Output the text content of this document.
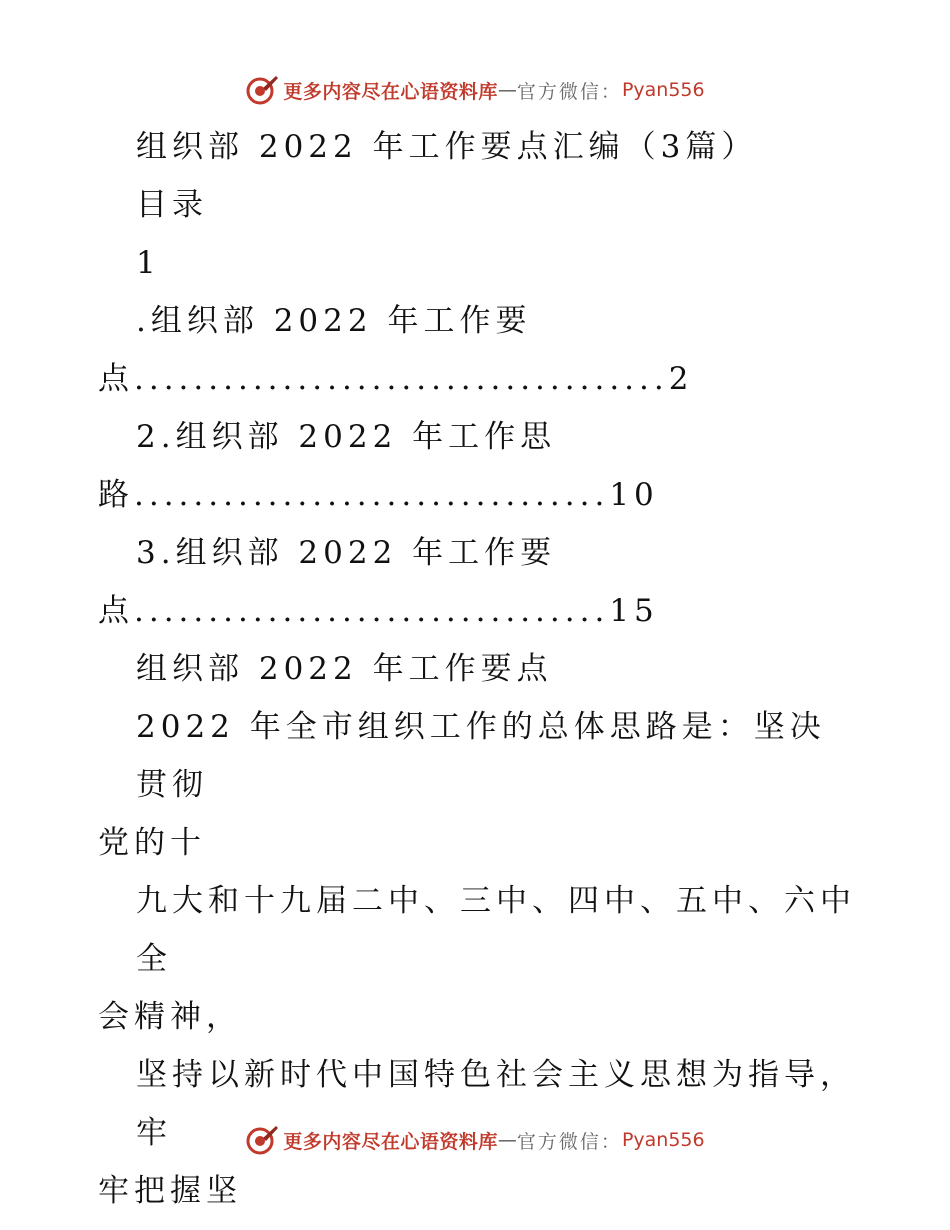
更多内容尽在心语资料库 — 官方微信： Pyan556

组织部 2022 年工作要点汇编（3篇）

目录

1

.组织部 2022 年工作要

点 .................................... 2

2.组织部 2022 年工作思

路 ................................ 10

3.组织部 2022 年工作要

点 ................................ 15

组织部 2022 年工作要点

2022 年全市组织工作的总体思路是：坚决贯彻

党的十

九大和十九届二中、三中、四中、五中、六中全

会精神，

坚持以新时代中国特色社会主义思想为指导，牢

牢把握坚

更多内容尽在心语资料库 — 官方微信： Pyan556
